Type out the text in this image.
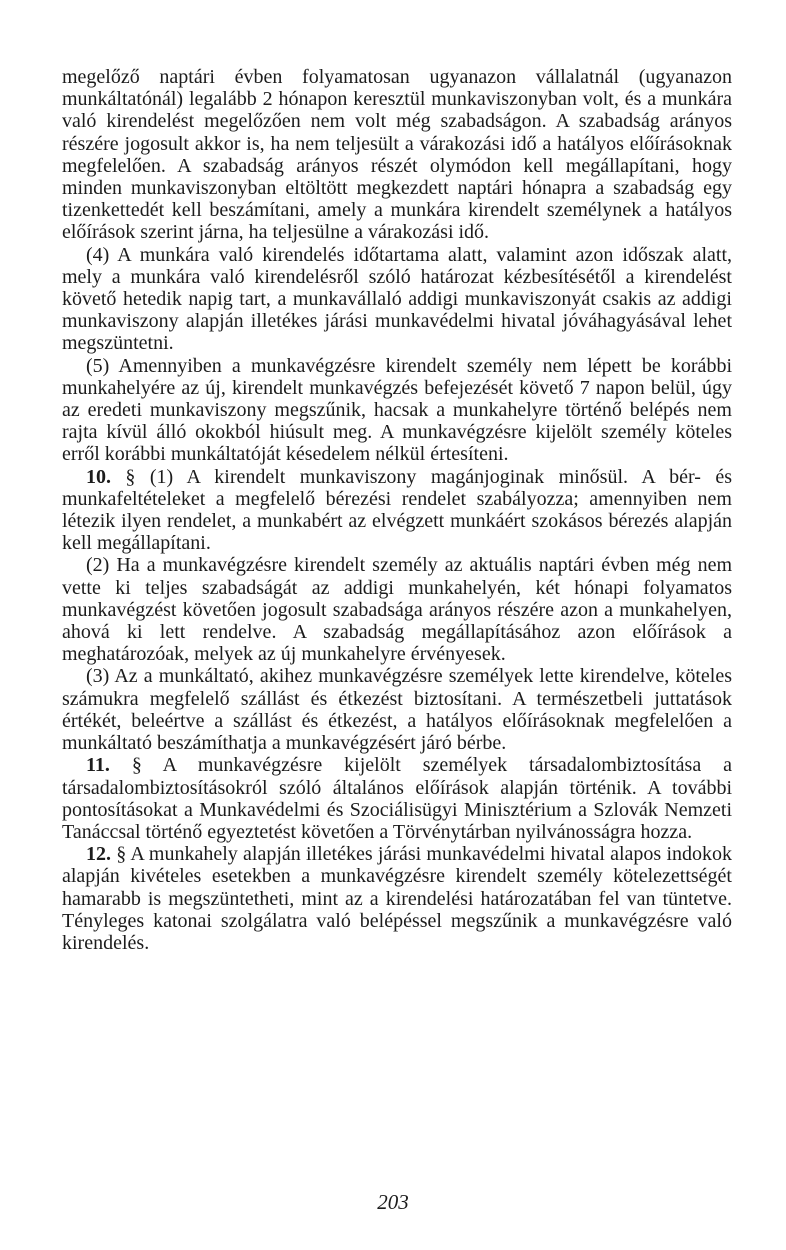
megelőző naptári évben folyamatosan ugyanazon vállalatnál (ugyanazon munkáltatónál) legalább 2 hónapon keresztül munkaviszonyban volt, és a munkára való kirendelést megelőzően nem volt még szabadságon. A szabadság arányos részére jogosult akkor is, ha nem teljesült a várakozási idő a hatályos előírásoknak megfelelően. A szabadság arányos részét olymódon kell megállapítani, hogy minden munkaviszonyban eltöltött megkezdett naptári hónapra a szabadság egy tizenkettedét kell beszámítani, amely a munkára kirendelt személynek a hatályos előírások szerint járna, ha teljesülne a várakozási idő.

(4) A munkára való kirendelés időtartama alatt, valamint azon időszak alatt, mely a munkára való kirendelésről szóló határozat kézbesítésétől a kirendelést követő hetedik napig tart, a munkavállaló addigi munkaviszonyát csakis az addigi munkaviszony alapján illetékes járási munkavédelmi hivatal jóváhagyásával lehet megszüntetni.

(5) Amennyiben a munkavégzésre kirendelt személy nem lépett be korábbi munkahelyére az új, kirendelt munkavégzés befejezését követő 7 napon belül, úgy az eredeti munkaviszony megszűnik, hacsak a munkahelyre történő belépés nem rajta kívül álló okokból hiúsult meg. A munkavégzésre kijelölt személy köteles erről korábbi munkáltatóját késedelem nélkül értesíteni.

10. § (1) A kirendelt munkaviszony magánjoginak minősül. A bér- és munkafeltételeket a megfelelő bérezési rendelet szabályozza; amennyiben nem létezik ilyen rendelet, a munkabért az elvégzett munkáért szokásos bérezés alapján kell megállapítani.

(2) Ha a munkavégzésre kirendelt személy az aktuális naptári évben még nem vette ki teljes szabadságát az addigi munkahelyén, két hónapi folyamatos munkavégzést követően jogosult szabadsága arányos részére azon a munkahelyen, ahová ki lett rendelve. A szabadság megállapításához azon előírások a meghatározóak, melyek az új munkahelyre érvényesek.

(3) Az a munkáltató, akihez munkavégzésre személyek lette kirendelve, köteles számukra megfelelő szállást és étkezést biztosítani. A természetbeli juttatások értékét, beleértve a szállást és étkezést, a hatályos előírásoknak megfelelően a munkáltató beszámíthatja a munkavégzésért járó bérbe.

11. § A munkavégzésre kijelölt személyek társadalombiztosítása a társadalombiztosításokról szóló általános előírások alapján történik. A további pontosításokat a Munkavédelmi és Szociálisügyi Minisztérium a Szlovák Nemzeti Tanáccsal történő egyeztetést követően a Törvénytárban nyilvánosságra hozza.

12. § A munkahely alapján illetékes járási munkavédelmi hivatal alapos indokok alapján kivételes esetekben a munkavégzésre kirendelt személy kötelezettségét hamarabb is megszüntetheti, mint az a kirendelési határozatában fel van tüntetve. Tényleges katonai szolgálatra való belépéssel megszűnik a munkavégzésre való kirendelés.

203
